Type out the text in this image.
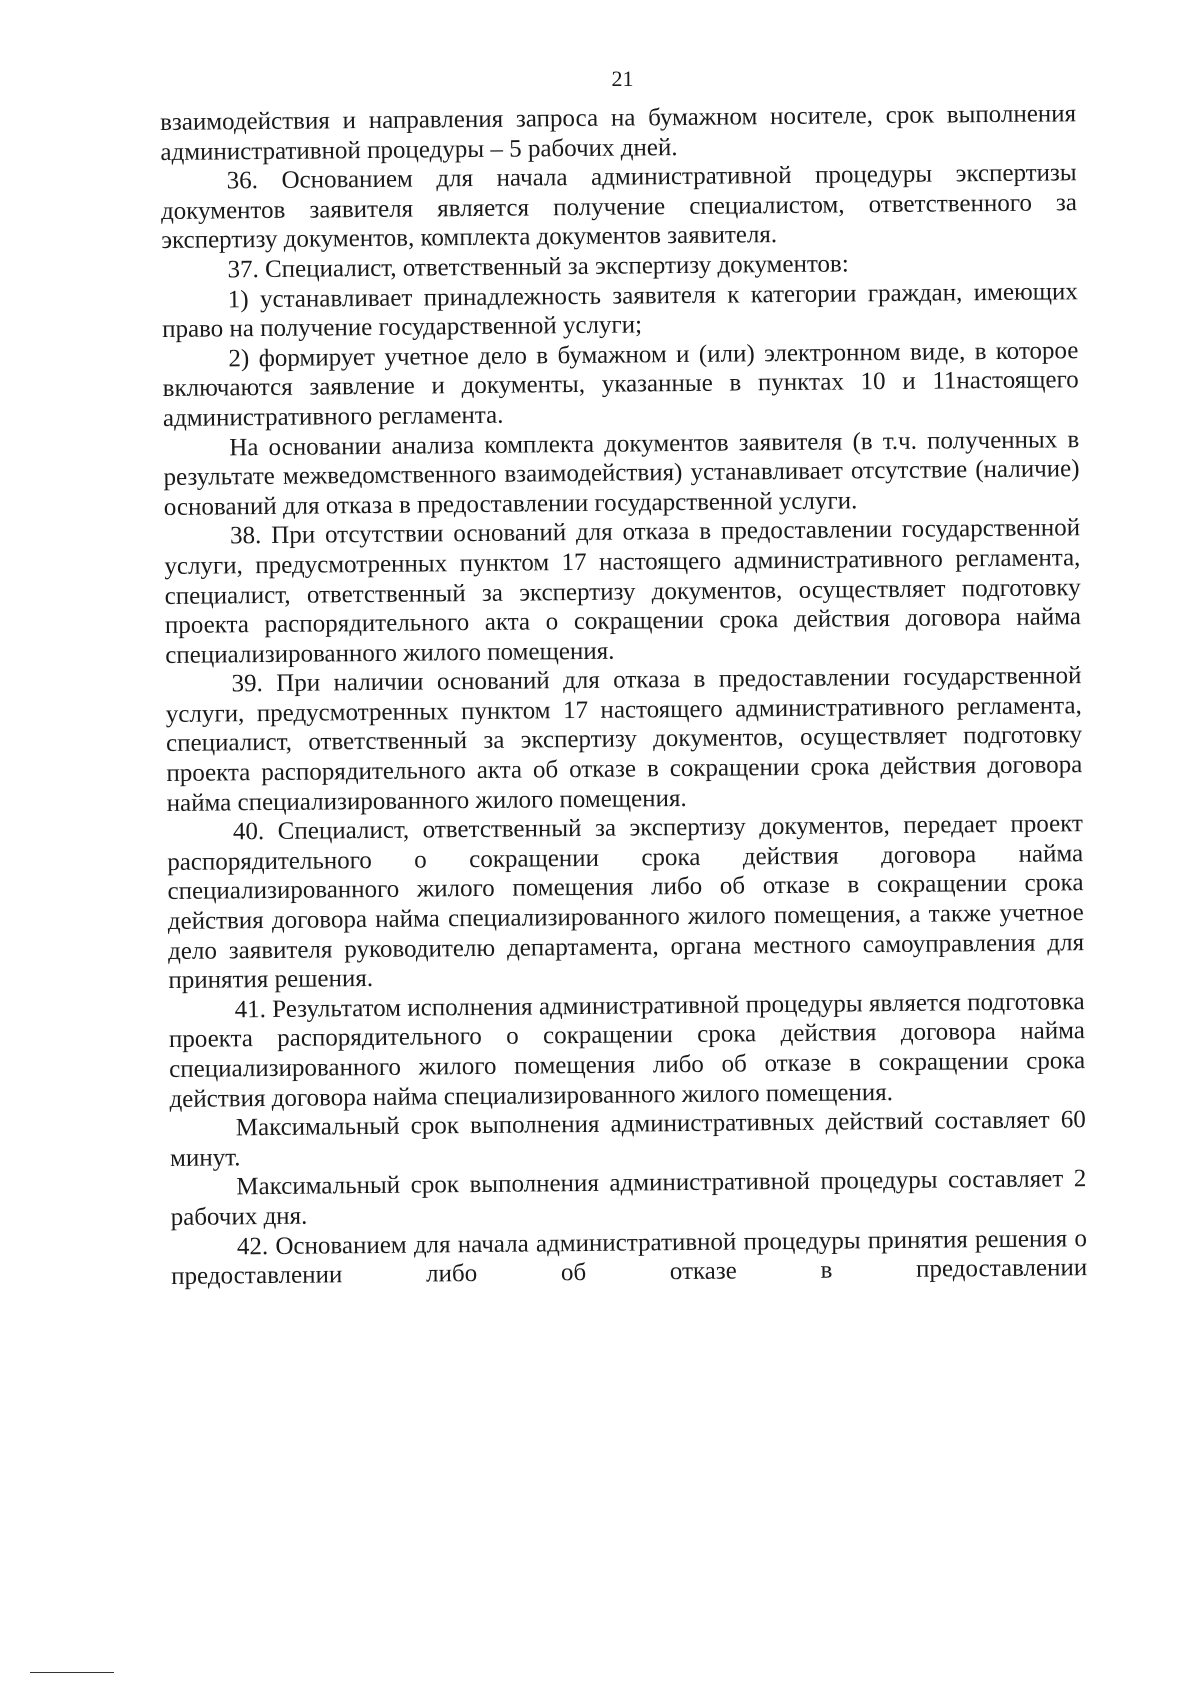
21

взаимодействия и направления запроса на бумажном носителе, срок выполнения административной процедуры – 5 рабочих дней.

36. Основанием для начала административной процедуры экспертизы документов заявителя является получение специалистом, ответственного за экспертизу документов, комплекта документов заявителя.

37. Специалист, ответственный за экспертизу документов:

1) устанавливает принадлежность заявителя к категории граждан, имеющих право на получение государственной услуги;

2) формирует учетное дело в бумажном и (или) электронном виде, в которое включаются заявление и документы, указанные в пунктах 10 и 11настоящего административного регламента.

На основании анализа комплекта документов заявителя (в т.ч. полученных в результате межведомственного взаимодействия) устанавливает отсутствие (наличие) оснований для отказа в предоставлении государственной услуги.

38. При отсутствии оснований для отказа в предоставлении государственной услуги, предусмотренных пунктом 17 настоящего административного регламента, специалист, ответственный за экспертизу документов, осуществляет подготовку проекта распорядительного акта о сокращении срока действия договора найма специализированного жилого помещения.

39. При наличии оснований для отказа в предоставлении государственной услуги, предусмотренных пунктом 17 настоящего административного регламента, специалист, ответственный за экспертизу документов, осуществляет подготовку проекта распорядительного акта об отказе в сокращении срока действия договора найма специализированного жилого помещения.

40. Специалист, ответственный за экспертизу документов, передает проект распорядительного о сокращении срока действия договора найма специализированного жилого помещения либо об отказе в сокращении срока действия договора найма специализированного жилого помещения, а также учетное дело заявителя руководителю департамента, органа местного самоуправления для принятия решения.

41. Результатом исполнения административной процедуры является подготовка проекта распорядительного о сокращении срока действия договора найма специализированного жилого помещения либо об отказе в сокращении срока действия договора найма специализированного жилого помещения.

Максимальный срок выполнения административных действий составляет 60 минут.

Максимальный срок выполнения административной процедуры составляет 2 рабочих дня.

42. Основанием для начала административной процедуры принятия решения о предоставлении либо об отказе в предоставлении
